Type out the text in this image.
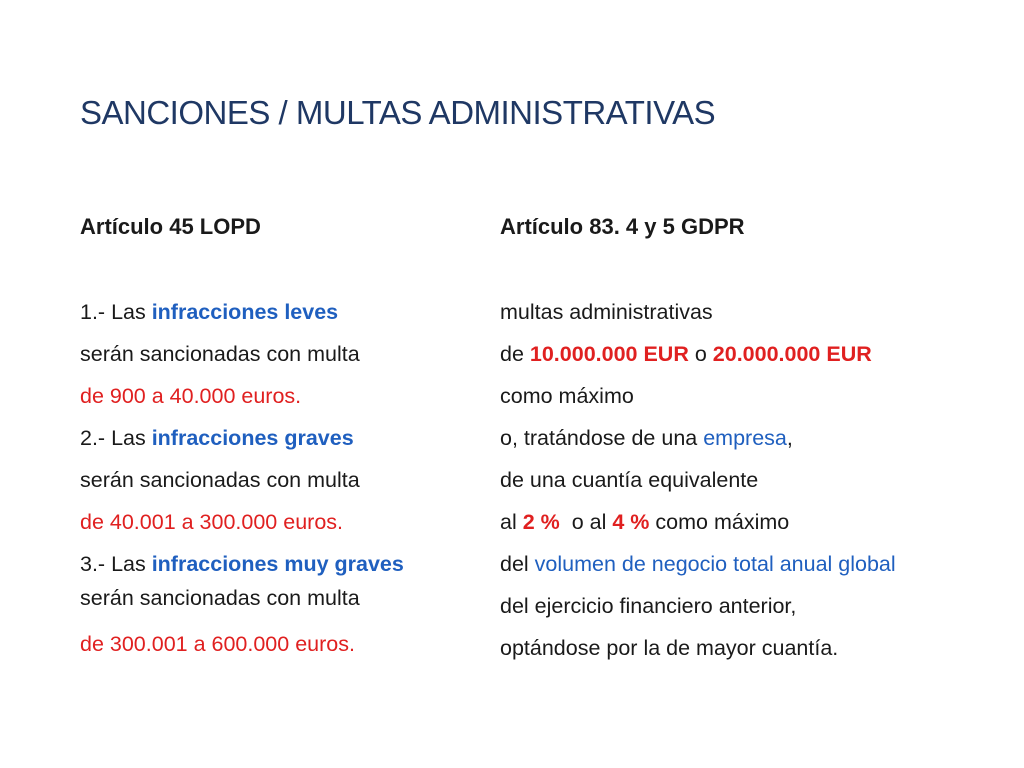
SANCIONES / MULTAS ADMINISTRATIVAS
Artículo 45 LOPD
1.- Las infracciones leves
serán sancionadas con multa
de 900 a 40.000 euros.
2.- Las infracciones graves
serán sancionadas con multa
de 40.001 a 300.000 euros.
3.- Las infracciones muy graves
serán sancionadas con multa
de 300.001 a 600.000 euros.
Artículo 83. 4 y 5 GDPR
multas administrativas
de 10.000.000 EUR o 20.000.000 EUR
como máximo
o, tratándose de una empresa,
de una cuantía equivalente
al 2 %  o al 4 % como máximo
del volumen de negocio total anual global
del ejercicio financiero anterior,
optándose por la de mayor cuantía.
